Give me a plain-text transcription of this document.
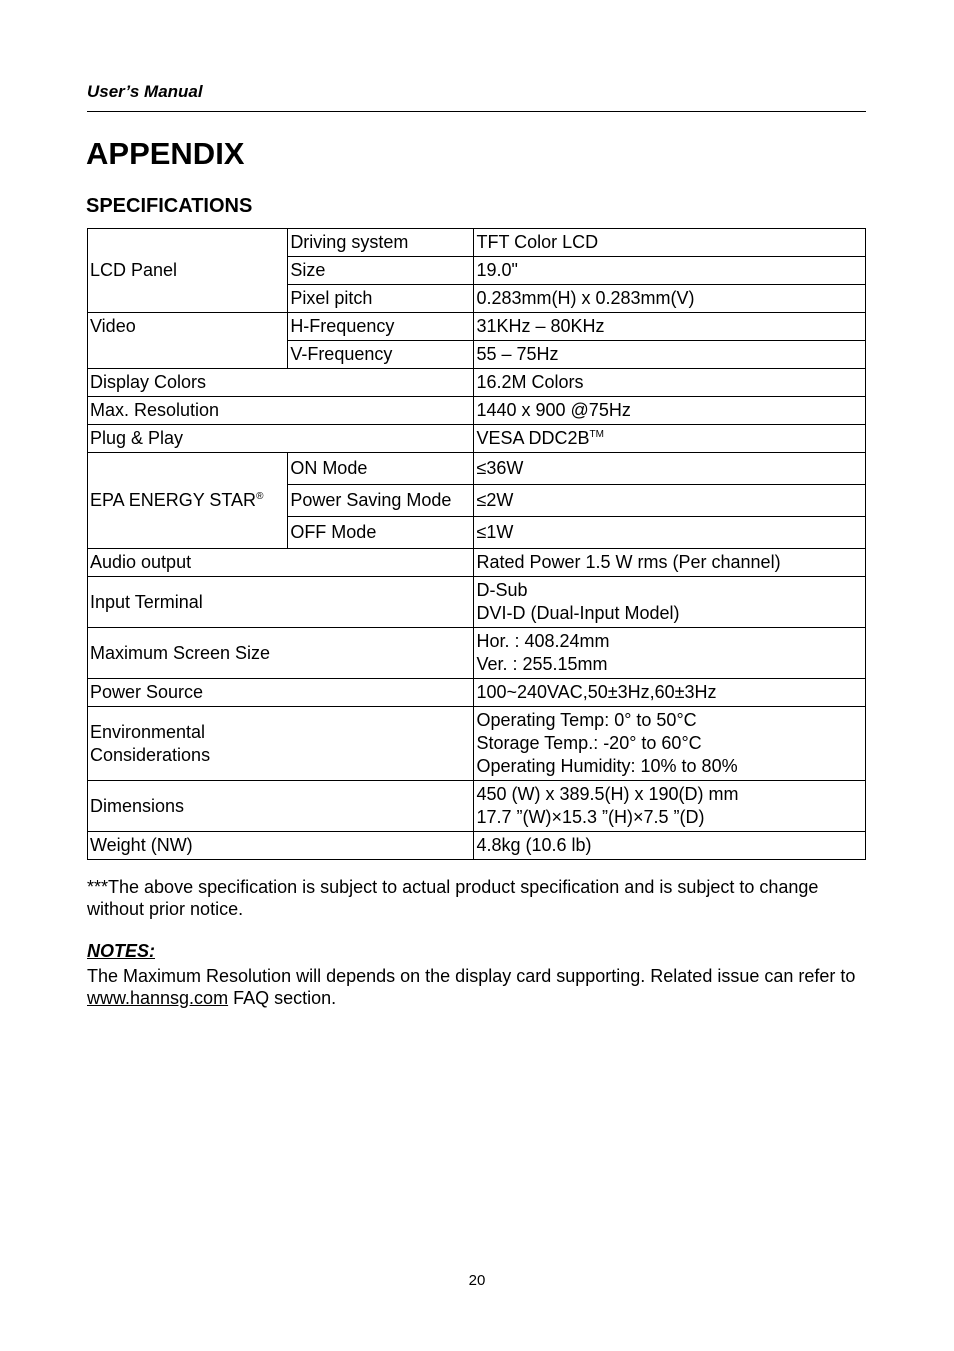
User’s Manual
APPENDIX
SPECIFICATIONS
LCD Panel	Driving system	TFT Color LCD
	Size	19.0"
	Pixel pitch	0.283mm(H) x 0.283mm(V)
Video	H-Frequency	31KHz – 80KHz
	V-Frequency	55 – 75Hz
Display Colors		16.2M Colors
Max. Resolution		1440 x 900 @75Hz
Plug & Play		VESA DDC2B™
EPA ENERGY STAR®	ON Mode	≤36W
	Power Saving Mode	≤2W
	OFF Mode	≤1W
Audio output		Rated Power 1.5 W rms (Per channel)
Input Terminal		D-Sub
DVI-D (Dual-Input Model)

Maximum Screen Size		Hor. : 408.24mm
Ver. : 255.15mm

Power Source		100~240VAC,50±3Hz,60±3Hz

Environmental
Considerations		Operating Temp: 0° to 50°C
Storage Temp.: -20° to 60°C
Operating Humidity: 10% to 80%

Dimensions		450 (W) x 389.5(H) x 190(D) mm
17.7 ”(W)×15.3 ”(H)×7.5 ”(D)

Weight (NW)		4.8kg (10.6 lb)
***The above specification is subject to actual product specification and is subject to change without prior notice.
NOTES:
The Maximum Resolution will depends on the display card supporting. Related issue can refer to www.hannsg.com FAQ section.
20
